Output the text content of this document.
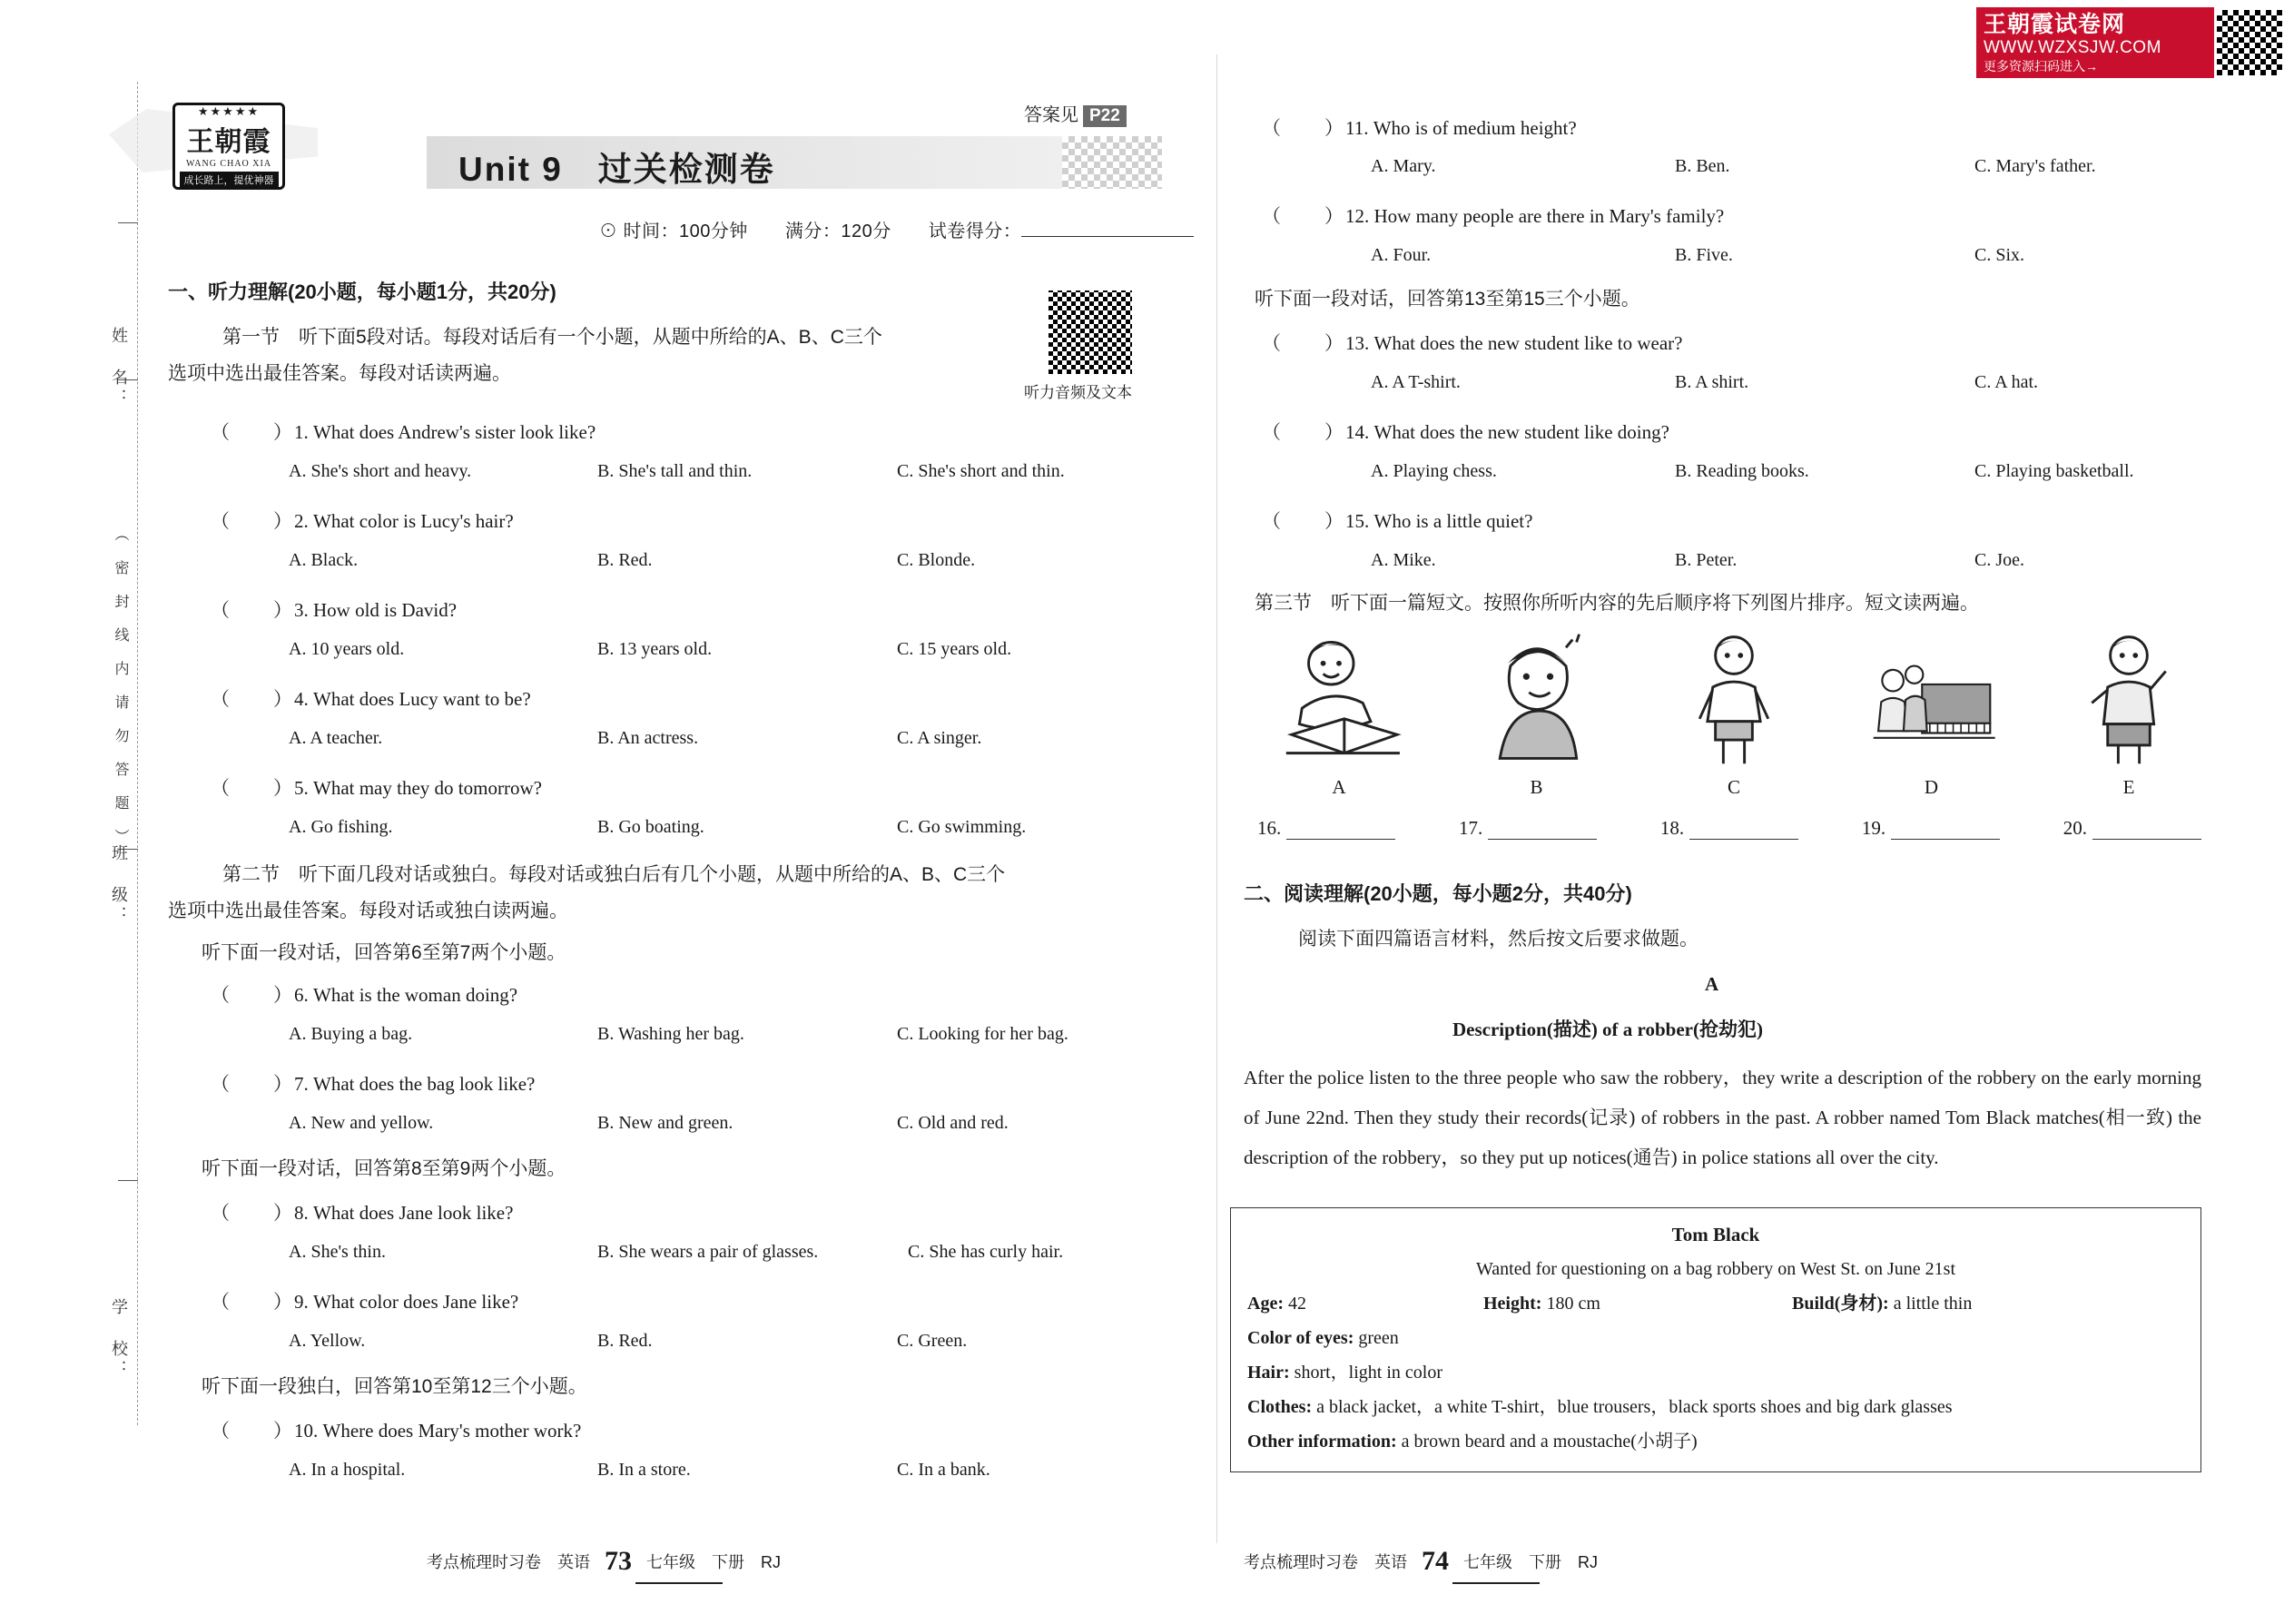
王朝霞试卷网
WWW.WZXSJW.COM
更多资源扫码进入→
姓 名：
（ 密 封 线 内 请 勿 答 题 ）
班 级：
学 校：
★★★★★
王朝霞
WANG CHAO XIA
成长路上，提优神器
答案见 P22
Unit 9　过关检测卷
⊙ 时间：100分钟　　满分：120分　　试卷得分：
听力音频及文本
一、听力理解(20小题，每小题1分，共20分)
第一节　听下面5段对话。每段对话后有一个小题，从题中所给的A、B、C三个
选项中选出最佳答案。每段对话读两遍。
（　　）1. What does Andrew's sister look like?
A. She's short and heavy.	B. She's tall and thin.	C. She's short and thin.
（　　）2. What color is Lucy's hair?
A. Black.	B. Red.	C. Blonde.
（　　）3. How old is David?
A. 10 years old.	B. 13 years old.	C. 15 years old.
（　　）4. What does Lucy want to be?
A. A teacher.	B. An actress.	C. A singer.
（　　）5. What may they do tomorrow?
A. Go fishing.	B. Go boating.	C. Go swimming.
第二节　听下面几段对话或独白。每段对话或独白后有几个小题，从题中所给的A、B、C三个
选项中选出最佳答案。每段对话或独白读两遍。
听下面一段对话，回答第6至第7两个小题。
（　　）6. What is the woman doing?
A. Buying a bag.	B. Washing her bag.	C. Looking for her bag.
（　　）7. What does the bag look like?
A. New and yellow.	B. New and green.	C. Old and red.
听下面一段对话，回答第8至第9两个小题。
（　　）8. What does Jane look like?
A. She's thin.	B. She wears a pair of glasses.	C. She has curly hair.
（　　）9. What color does Jane like?
A. Yellow.	B. Red.	C. Green.
听下面一段独白，回答第10至第12三个小题。
（　　）10. Where does Mary's mother work?
A. In a hospital.	B. In a store.	C. In a bank.
考点梳理时习卷　英语 73 七年级　下册　RJ
（　　）11. Who is of medium height?
A. Mary.	B. Ben.	C. Mary's father.
（　　）12. How many people are there in Mary's family?
A. Four.	B. Five.	C. Six.
听下面一段对话，回答第13至第15三个小题。
（　　）13. What does the new student like to wear?
A. A T-shirt.	B. A shirt.	C. A hat.
（　　）14. What does the new student like doing?
A. Playing chess.	B. Reading books.	C. Playing basketball.
（　　）15. Who is a little quiet?
A. Mike.	B. Peter.	C. Joe.
第三节　听下面一篇短文。按照你所听内容的先后顺序将下列图片排序。短文读两遍。
A	B	C	D	E
16.	17.	18.	19.	20.
二、阅读理解(20小题，每小题2分，共40分)
阅读下面四篇语言材料，然后按文后要求做题。
A
Description(描述) of a robber(抢劫犯)
After the police listen to the three people who saw the robbery，they write a description of the robbery on the early morning of June 22nd. Then they study their records(记录) of robbers in the past. A robber named Tom Black matches(相一致) the description of the robbery，so they put up notices(通告) in police stations all over the city.
Tom Black
Wanted for questioning on a bag robbery on West St. on June 21st
Age: 42	Height: 180 cm	Build(身材): a little thin
Color of eyes: green
Hair: short，light in color
Clothes: a black jacket，a white T-shirt，blue trousers，black sports shoes and big dark glasses
Other information: a brown beard and a moustache(小胡子)
考点梳理时习卷　英语 74 七年级　下册　RJ
